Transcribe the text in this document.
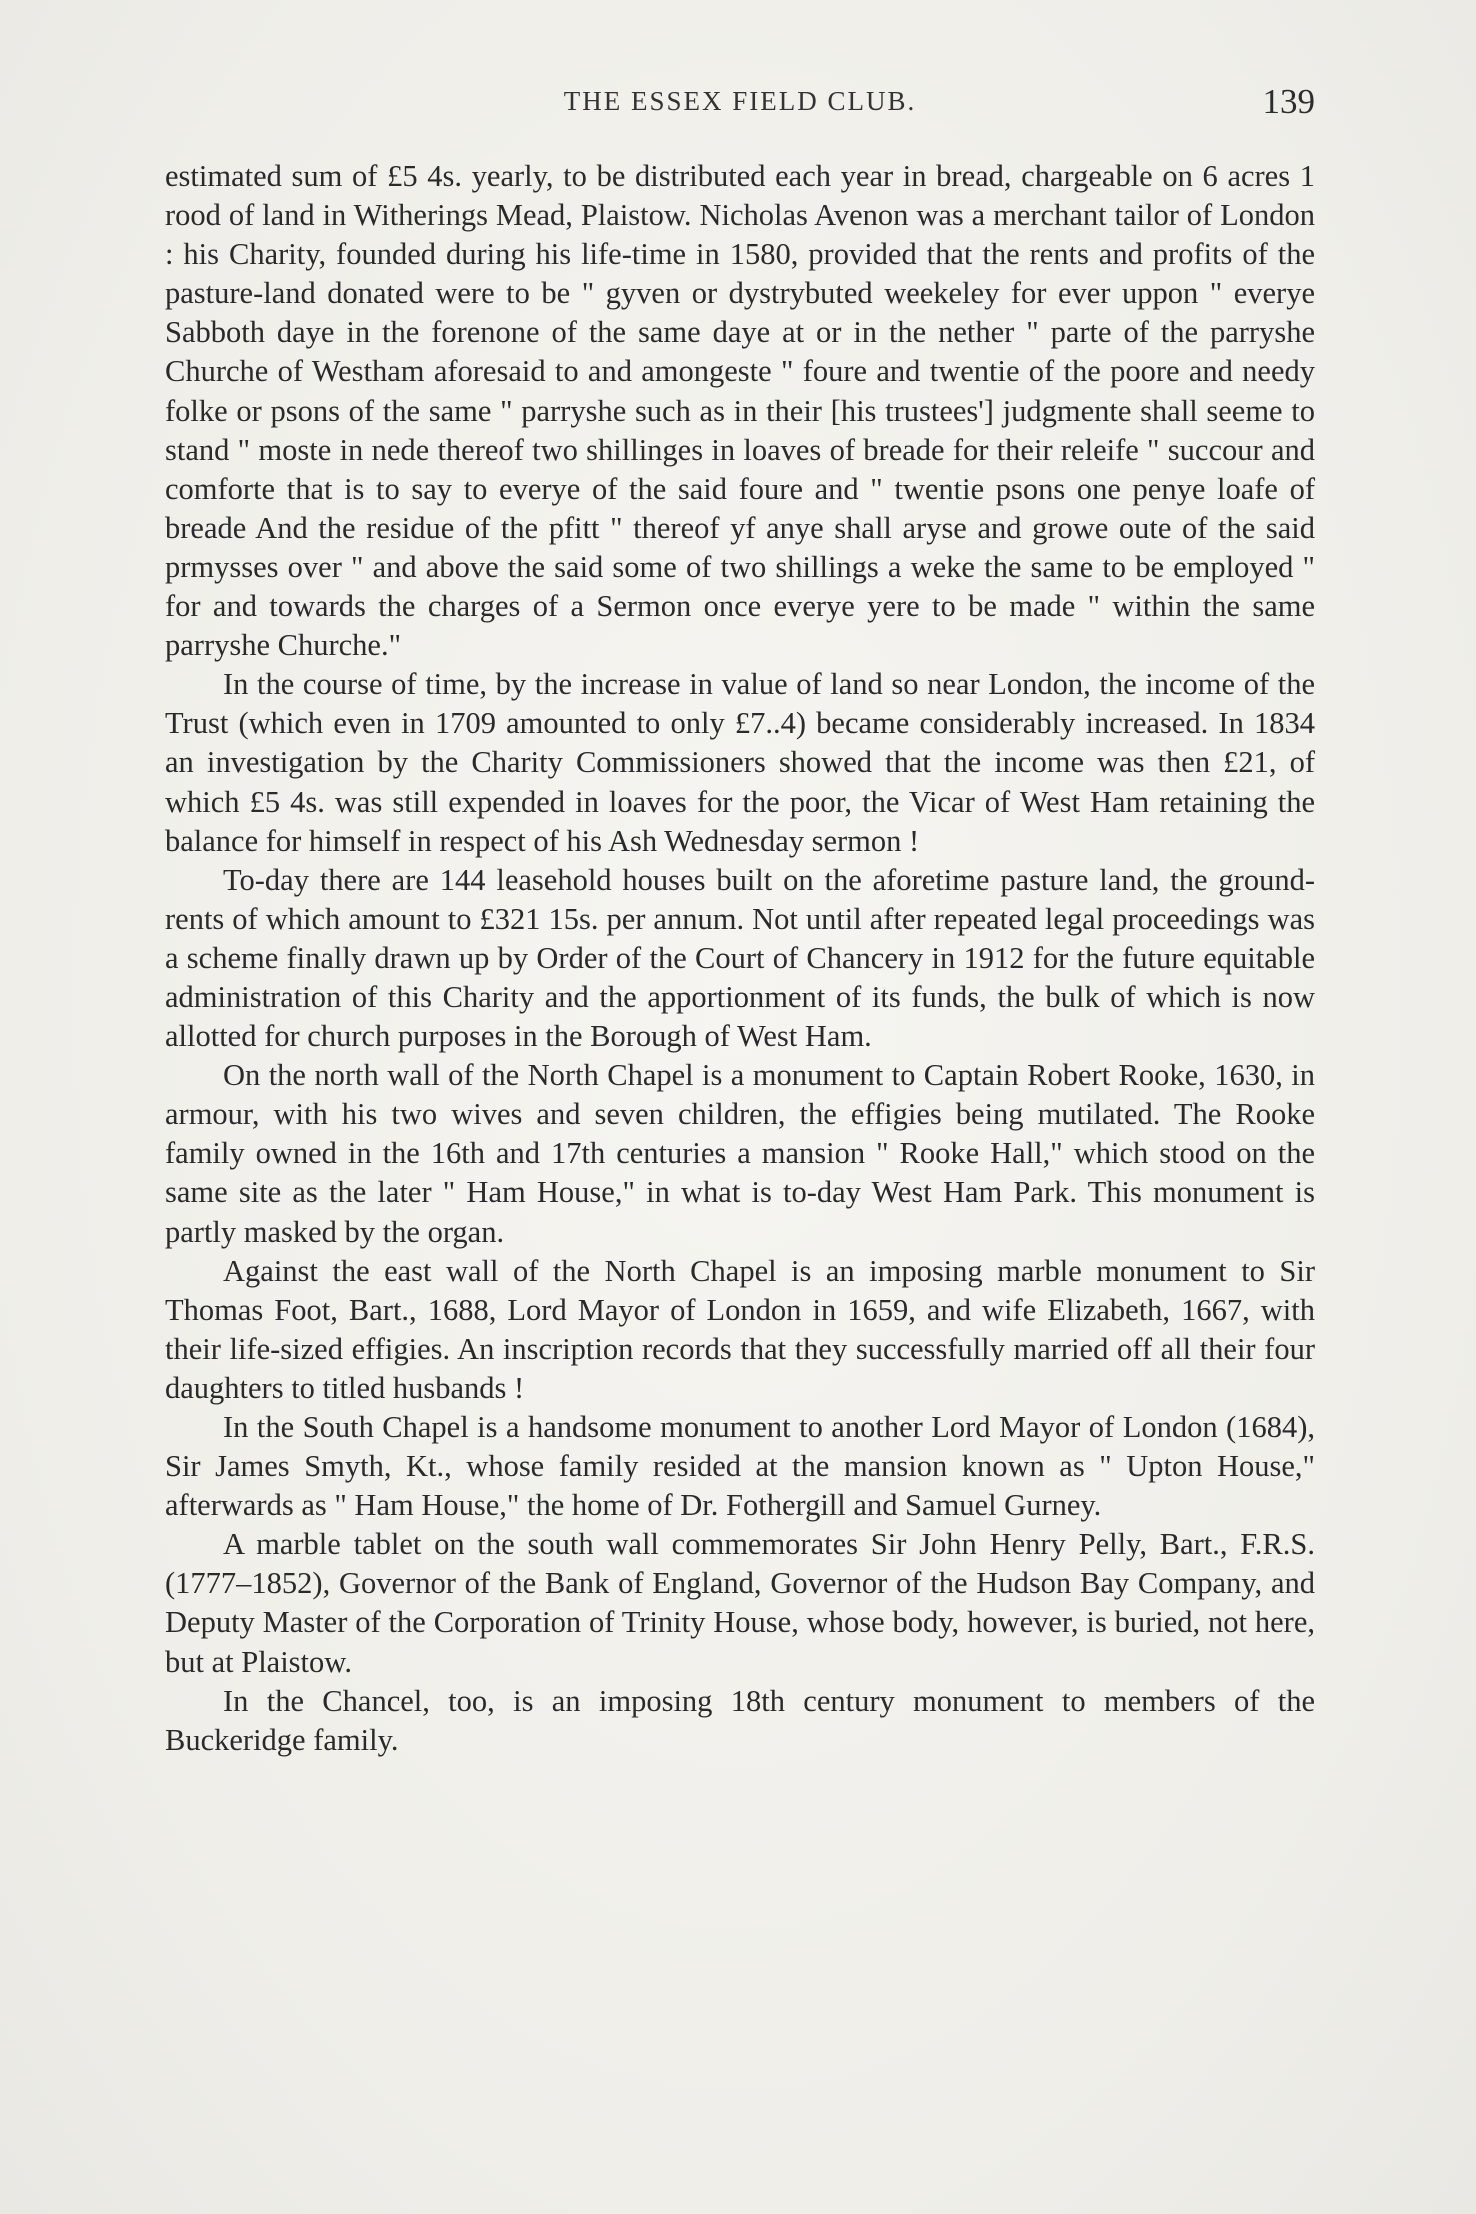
THE ESSEX FIELD CLUB.	139

estimated sum of £5 4s. yearly, to be distributed each year in bread, chargeable on 6 acres 1 rood of land in Witherings Mead, Plaistow. Nicholas Avenon was a merchant tailor of London : his Charity, founded during his life-time in 1580, provided that the rents and profits of the pasture-land donated were to be " gyven or dystrybuted weekeley for ever uppon " everye Sabboth daye in the forenone of the same daye at or in the nether " parte of the parryshe Churche of Westham aforesaid to and amongeste " foure and twentie of the poore and needy folke or psons of the same " parryshe such as in their [his trustees'] judgmente shall seeme to stand " moste in nede thereof two shillinges in loaves of breade for their releife " succour and comforte that is to say to everye of the said foure and " twentie psons one penye loafe of breade And the residue of the pfitt " thereof yf anye shall aryse and growe oute of the said prmysses over " and above the said some of two shillings a weke the same to be employed " for and towards the charges of a Sermon once everye yere to be made " within the same parryshe Churche."

In the course of time, by the increase in value of land so near London, the income of the Trust (which even in 1709 amounted to only £7..4) became considerably increased. In 1834 an investigation by the Charity Commissioners showed that the income was then £21, of which £5 4s. was still expended in loaves for the poor, the Vicar of West Ham retaining the balance for himself in respect of his Ash Wednesday sermon !

To-day there are 144 leasehold houses built on the aforetime pasture land, the ground-rents of which amount to £321 15s. per annum. Not until after repeated legal proceedings was a scheme finally drawn up by Order of the Court of Chancery in 1912 for the future equitable administration of this Charity and the apportionment of its funds, the bulk of which is now allotted for church purposes in the Borough of West Ham.

On the north wall of the North Chapel is a monument to Captain Robert Rooke, 1630, in armour, with his two wives and seven children, the effigies being mutilated. The Rooke family owned in the 16th and 17th centuries a mansion " Rooke Hall," which stood on the same site as the later " Ham House," in what is to-day West Ham Park. This monument is partly masked by the organ.

Against the east wall of the North Chapel is an imposing marble monument to Sir Thomas Foot, Bart., 1688, Lord Mayor of London in 1659, and wife Elizabeth, 1667, with their life-sized effigies. An inscription records that they successfully married off all their four daughters to titled husbands !

In the South Chapel is a handsome monument to another Lord Mayor of London (1684), Sir James Smyth, Kt., whose family resided at the mansion known as " Upton House," afterwards as " Ham House," the home of Dr. Fothergill and Samuel Gurney.

A marble tablet on the south wall commemorates Sir John Henry Pelly, Bart., F.R.S. (1777–1852), Governor of the Bank of England, Governor of the Hudson Bay Company, and Deputy Master of the Corporation of Trinity House, whose body, however, is buried, not here, but at Plaistow.

In the Chancel, too, is an imposing 18th century monument to members of the Buckeridge family.
